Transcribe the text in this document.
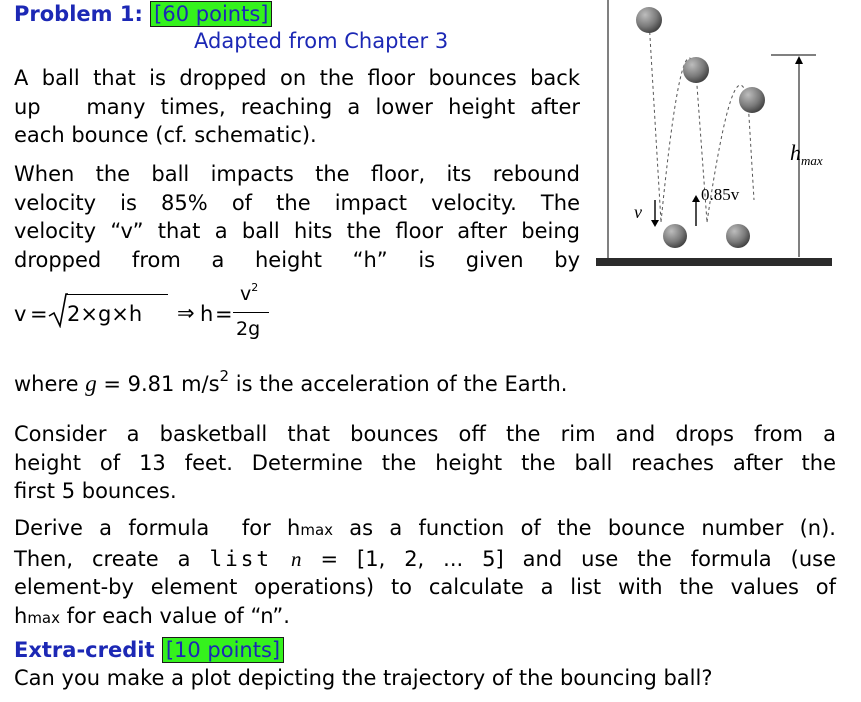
Problem 1: [60 points]
Adapted from Chapter 3
A ball that is dropped on the floor bounces back
up   many times, reaching a lower height after
each bounce (cf. schematic).
When the ball impacts the floor, its rebound
velocity is 85% of the impact velocity. The
velocity “v” that a ball hits the floor after being
dropped from a height “h” is given by
v = 2×g×h ⇒ h =
$v^2$
2g
where g = 9.81 $m/s^2$ is the acceleration of the Earth.
Consider a basketball that bounces off the rim and drops from a
height of 13 feet. Determine the height the ball reaches after the
first 5 bounces.
Derive a formula  for hmax as a function of the bounce number (n).
Then, create a list n = [1, 2, ... 5] and use the formula (use
element-by element operations) to calculate a list with the values of
hmax for each value of “n”.
Extra-credit [10 points]
Can you make a plot depicting the trajectory of the bouncing ball?
v
0.85v
$h_{max}$
